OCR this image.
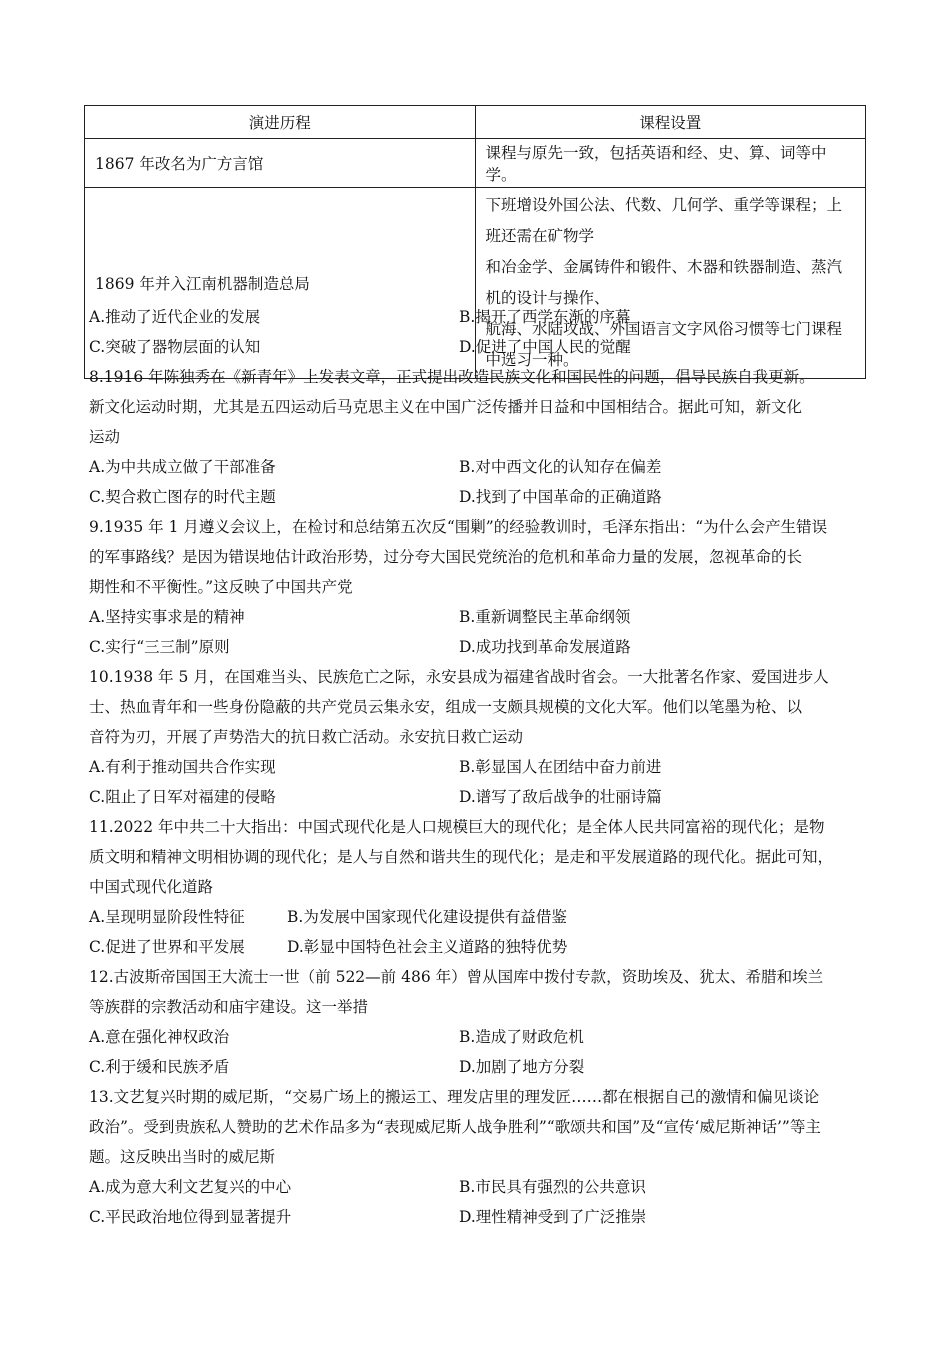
演进历程	课程设置
1867 年改名为广方言馆	课程与原先一致，包括英语和经、史、算、词等中学。
1869 年并入江南机器制造总局	下班增设外国公法、代数、几何学、重学等课程；上班还需在矿物学
和冶金学、金属铸件和锻件、木器和铁器制造、蒸汽机的设计与操作、
航海、水陆攻战、外国语言文字风俗习惯等七门课程中选习一种。
A.推动了近代企业的发展	B.揭开了西学东渐的序幕
C.突破了器物层面的认知	D.促进了中国人民的觉醒
8.1916 年陈独秀在《新青年》上发表文章，正式提出改造民族文化和国民性的问题，倡导民族自我更新。
新文化运动时期，尤其是五四运动后马克思主义在中国广泛传播并日益和中国相结合。据此可知，新文化
运动
A.为中共成立做了干部准备	B.对中西文化的认知存在偏差
C.契合救亡图存的时代主题	D.找到了中国革命的正确道路
9.1935 年 1 月遵义会议上，在检讨和总结第五次反“围剿”的经验教训时，毛泽东指出：“为什么会产生错误
的军事路线？是因为错误地估计政治形势，过分夸大国民党统治的危机和革命力量的发展，忽视革命的长
期性和不平衡性。”这反映了中国共产党
A.坚持实事求是的精神	B.重新调整民主革命纲领
C.实行“三三制”原则	D.成功找到革命发展道路
10.1938 年 5 月，在国难当头、民族危亡之际，永安县成为福建省战时省会。一大批著名作家、爱国进步人
士、热血青年和一些身份隐蔽的共产党员云集永安，组成一支颇具规模的文化大军。他们以笔墨为枪、以
音符为刃，开展了声势浩大的抗日救亡活动。永安抗日救亡运动
A.有利于推动国共合作实现	B.彰显国人在团结中奋力前进
C.阻止了日军对福建的侵略	D.谱写了敌后战争的壮丽诗篇
11.2022 年中共二十大指出：中国式现代化是人口规模巨大的现代化；是全体人民共同富裕的现代化；是物
质文明和精神文明相协调的现代化；是人与自然和谐共生的现代化；是走和平发展道路的现代化。据此可知，
中国式现代化道路
A.呈现明显阶段性特征	B.为发展中国家现代化建设提供有益借鉴
C.促进了世界和平发展	D.彰显中国特色社会主义道路的独特优势
12.古波斯帝国国王大流士一世（前 522—前 486 年）曾从国库中拨付专款，资助埃及、犹太、希腊和埃兰
等族群的宗教活动和庙宇建设。这一举措
A.意在强化神权政治	B.造成了财政危机
C.利于缓和民族矛盾	D.加剧了地方分裂
13.文艺复兴时期的威尼斯，“交易广场上的搬运工、理发店里的理发匠……都在根据自己的激情和偏见谈论
政治”。受到贵族私人赞助的艺术作品多为“表现威尼斯人战争胜利”“歌颂共和国”及“宣传‘威尼斯神话’”等主
题。这反映出当时的威尼斯
A.成为意大利文艺复兴的中心	B.市民具有强烈的公共意识
C.平民政治地位得到显著提升	D.理性精神受到了广泛推崇
